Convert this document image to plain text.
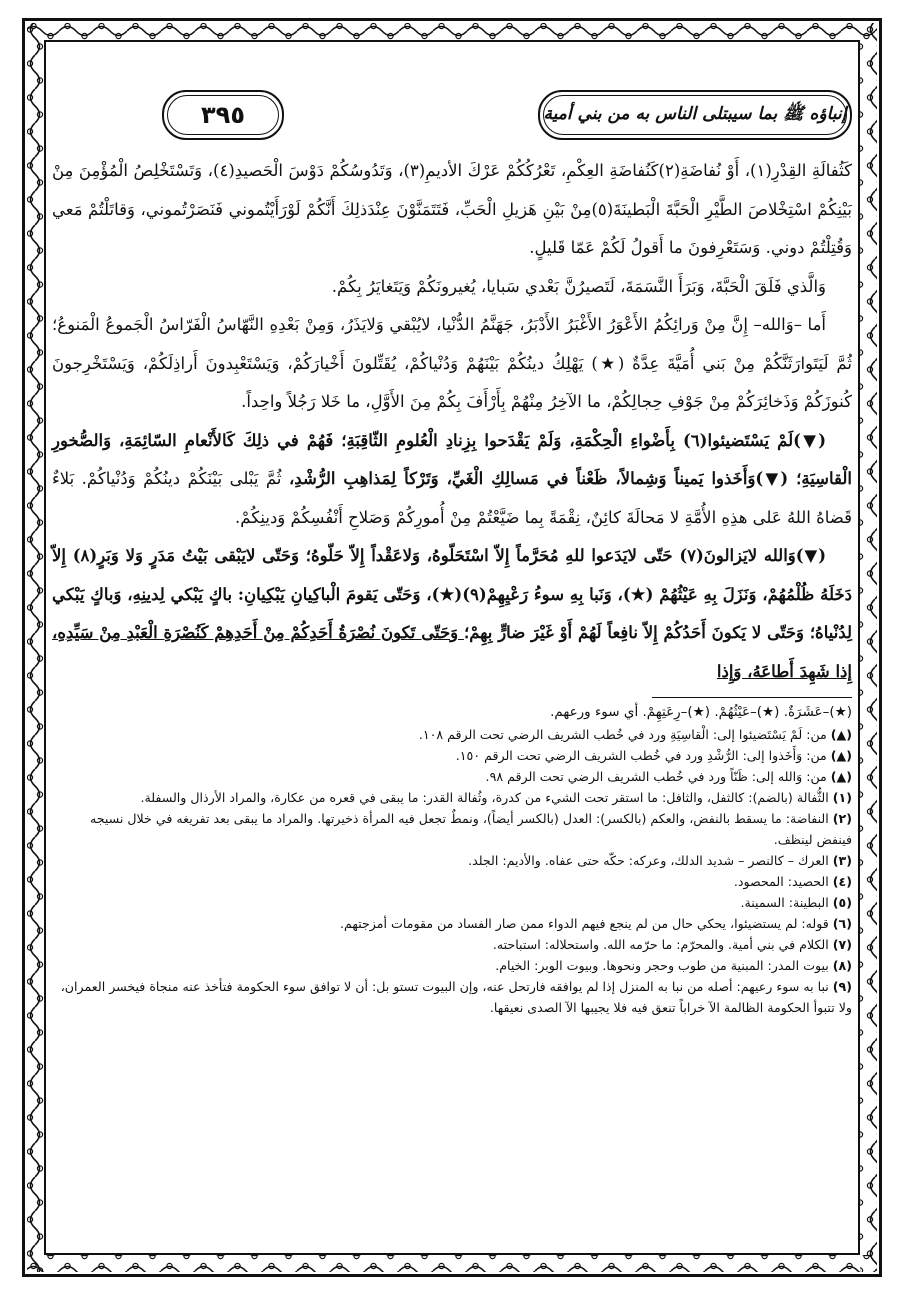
إنباؤه ﷺ بما سيبتلى الناس به من بني أمية
٣٩٥

كَثُفالَةِ القِدْرِ(١)، أَوْ نُفاضَةِ(٢)كَنُفاضَةِ العِكْمِ، تَعْرُكُكُمْ عَرْكَ الأديمِ(٣)، وَتَدُوسُكُمْ دَوْسَ الْحَصيدِ(٤)، وَتَسْتَخْلِصُ الْمُؤْمِنَ مِنْ بَيْنِكُمْ اسْتِخْلاصَ الطَّيْرِ الْحَبَّةَ الْبَطينَةَ(٥)مِنْ بَيْنِ هَزيلِ الْحَبِّ، فَتَتَمَنَّوْنَ عِنْدَذلِكَ أَنَّكُمْ لَوْرَأَيْتُموني فَنَصَرْتُموني، وَقاتَلْتُمْ مَعي وَقُتِلْتُمْ دوني. وَسَتَعْرِفونَ ما أَقولُ لَكُمْ عَمّا قَليلٍ.

وَالَّذي فَلَقَ الْحَبَّةَ، وَبَرَأَ النَّسَمَةَ، لَتَصيرُنَّ بَعْدي سَبايا، يُغيرونَكُمْ وَيَتَغايَرُ بِكُمْ.

أَما –وَالله– إِنَّ مِنْ وَرائِكُمُ الأَعْوَرُ الأَغْبَرُ الأَدْبَرُ، جَهَنَّمُ الدُّنْيا، لايُبْقي وَلايَذَرُ، وَمِنْ بَعْدِهِ النَّهّاسُ الْفَرّاسُ الْجَموعُ الْمَنوعُ؛ ثُمَّ لَيَتَوارَثَنَّكُمْ مِنْ بَني أُمَيَّةَ عِدَّةٌ (★) يَهْلِكُ دينُكُمْ بَيْنَهُمْ وَدُنْياكُمْ، يُقَتِّلونَ أَخْيارَكُمْ، وَيَسْتَعْبِدونَ أَراذِلَكُمْ، وَيَسْتَخْرِجونَ كُنوزَكُمْ وَذَخائِرَكُمْ مِنْ جَوْفِ حِجالِكُمْ، ما الآخِرُ مِنْهُمْ بِأَرْأَفَ بِكُمْ مِنَ الأَوَّلِ، ما خَلا رَجُلاً واحِداً.

(▼)لَمْ يَسْتَضيئوا(٦) بِأَضْواءِ الْحِكْمَةِ، وَلَمْ يَقْدَحوا بِزِنادِ الْعُلومِ الثّاقِبَةِ؛ فَهُمْ في ذلِكَ كَالأَنْعامِ السّائِمَةِ، وَالصُّخورِ الْقاسِيَةِ؛ (▼)وَأَخَذوا يَميناً وَشِمالاً، ظَعْناً في مَسالِكِ الْغَيِّ، وَتَرْكاً لِمَذاهِبِ الرُّشْدِ، ثُمَّ يَبْلى بَيْنَكُمْ دينُكُمْ وَدُنْياكُمْ. بَلاءٌ قَضاهُ اللهُ عَلى هذِهِ الأُمَّةِ لا مَحالَةَ كائِنٌ، نِقْمَةً بِما ضَيَّعْتُمْ مِنْ أُمورِكُمْ وَصَلاحِ أَنْفُسِكُمْ وَدينِكُمْ.

(▼)وَالله لايَزالونَ(٧) حَتّى لايَدَعوا للهِ مُحَرَّماً إِلاّ اسْتَحَلّوهُ، وَلاعَقْداً إِلاّ حَلّوهُ؛ وَحَتّى لايَبْقى بَيْتُ مَدَرٍ وَلا وَبَرٍ(٨) إِلاّ دَخَلَهُ ظُلْمُهُمْ، وَنَزَلَ بِهِ عَيْثُهُمْ (★)، وَنَبا بِهِ سوءُ رَعْيِهِمْ(٩)(★)، وَحَتّى يَقومَ الْباكِيانِ يَبْكِيانِ: باكٍ يَبْكي لِدينِهِ، وَباكٍ يَبْكي لِدُنْياهُ؛ وَحَتّى لا يَكونَ أَحَدُكُمْ إِلاّ نافِعاً لَهُمْ أَوْ غَيْرَ ضارٍّ بِهِمْ؛ وَحَتّى تَكونَ نُصْرَةُ أَحَدِكُمْ مِنْ أَحَدِهِمْ كَنُصْرَةِ الْعَبْدِ مِنْ سَيِّدِهِ، إِذا شَهِدَ أَطاعَهُ، وَإِذا

(★)–عَشَرَةٌ. (★)–عَيْثُهُمْ. (★)–رِعَتِهِمْ. أي سوء ورعهم.
(▲) من: لَمْ يَسْتَضيئوا إلى: الْقاسِيَةِ ورد في خُطب الشريف الرضي تحت الرقم ١٠٨.
(▲) من: وَأَخَذوا إلى: الرُّشْدِ ورد في خُطب الشريف الرضي تحت الرقم ١٥٠.
(▲) من: وَالله إلى: ظَنّاً ورد في خُطب الشريف الرضي تحت الرقم ٩٨.
(١) الثُّفالة (بالضم): كالثفل، والثافل: ما استقر تحت الشيء من كدرة، وثُفالة القدر: ما يبقى في قعره من عكارة، والمراد الأرذال والسفلة.
(٢) النفاضة: ما يسقط بالنفض، والعكم (بالكسر): العدل (بالكسر أيضاً)، ونمطٌ تجعل فيه المرأة ذخيرتها. والمراد ما يبقى بعد تفريغه في خلال نسيجه فينفض لينظف.
(٣) العرك – كالنصر – شديد الدلك، وعركه: حكّه حتى عفاه. والأديم: الجلد.
(٤) الحصيد: المحصود.
(٥) البطينة: السمينة.
(٦) قوله: لم يستضيئوا، يحكي حال من لم ينجع فيهم الدواء ممن صار الفساد من مقومات أمزجتهم.
(٧) الكلام في بني أمية. والمحرّم: ما حرّمه الله. واستحلاله: استباحته.
(٨) بيوت المدر: المبنية من طوب وحجر ونحوها. وبيوت الوبر: الخيام.
(٩) نبا به سوء رعيهم: أصله من نبا به المنزل إذا لم يوافقه فارتحل عنه، وإن البيوت تستو بل: أن لا توافق سوء الحكومة فتأخذ عنه منجاة فيخسر العمران، ولا تتبوأ الحكومة الظالمة الآ خراباً تنعق فيه فلا يجيبها الآ الصدى نعيقها.
